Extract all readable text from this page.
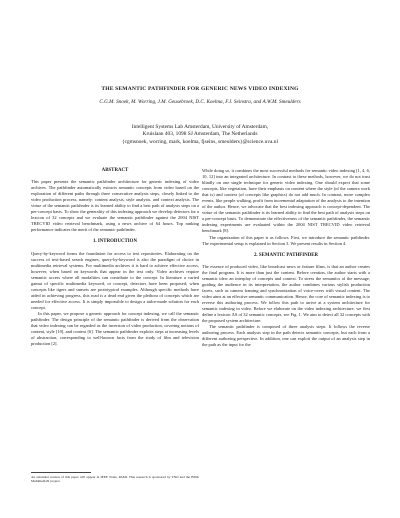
THE SEMANTIC PATHFINDER FOR GENERIC NEWS VIDEO INDEXING
C.G.M. Snoek, M. Worring, J.M. Geusebroek, D.C. Koelma, F.J. Seinstra, and A.W.M. Smeulders
Intelligent Systems Lab Amsterdam, University of Amsterdam,
Kruislaan 403, 1098 SJ Amsterdam, The Netherlands
{cgmsnoek, worring, mark, koelma, fjseins, smeulders}@science.uva.nl
ABSTRACT

This paper presents the semantic pathfinder architecture for generic indexing of video archives. The pathfinder automatically extracts semantic concepts from video based on the exploration of different paths through three consecutive analysis steps, closely linked to the video production process, namely: content analysis, style analysis, and context analysis. The virtue of the semantic pathfinder is its learned ability to find a best path of analysis steps on a per-concept basis. To show the generality of this indexing approach we develop detectors for a lexicon of 32 concepts and we evaluate the semantic pathfinder against the 2004 NIST TRECVID video retrieval benchmark, using a news archive of 64 hours. Top ranking performance indicates the merit of the semantic pathfinder.

1. INTRODUCTION

Query-by-keyword forms the foundation for access to text repositories. Elaborating on the success of text-based search engines, query-by-keyword is also the paradigm of choice in multimedia retrieval systems. For multimedia archives it is hard to achieve effective access, however, when based on keywords that appear in the text only. Video archives require semantic access where all modalities can contribute to the concept. In literature a varied gamut of specific multimedia keyword, or concept, detectors have been proposed; when concepts like tigers and sunsets are prototypical examples. Although specific methods have aided in achieving progress, this road is a dead end given the plethora of concepts which are needed for effective access. It is simply impossible to design a tailor-made solution for each concept.

In this paper, we propose a generic approach for concept indexing, we call the semantic pathfinder. The design principle of the semantic pathfinder is derived from the observation that video indexing can be regarded as the inversion of video production, covering notions of content, style [10], and context [6]. The semantic pathfinder exploits steps at increasing levels of abstraction, corresponding to well-known facts from the study of film and television production [2].

While doing so, it combines the most successful methods for semantic video indexing [1, 4, 6, 10, 12] into an integrated architecture. In contrast to these methods, however, we do not trust blindly on one single technique for generic video indexing. One should expect that some concepts, like vegetation, have their emphasis on content where the style (of the camera work that is) and context (of concepts like graphics) do not add much. In contrast, more complex events, like people walking, profit from incremental adaptation of the analysis to the intention of the author. Hence, we advocate that the best indexing approach is concept-dependent. The virtue of the semantic pathfinder is its learned ability to find the best path of analysis steps on a per-concept basis. To demonstrate the effectiveness of the semantic pathfinder, the semantic indexing experiments are evaluated within the 2004 NIST TRECVID video retrieval benchmark [8].

The organization of this paper is as follows. First, we introduce the semantic pathfinder. The experimental setup is explained in Section 3. We present results in Section 4.

2. SEMANTIC PATHFINDER

The essence of produced video, like broadcast news or feature films, is that an author creates the final program. It is more than just the content. Before creation, the author starts with a semantic idea: an interplay of concepts and context. To stress the semantics of the message, guiding the audience in its interpretation, the author combines various stylish production facets, such as camera framing and synchronization of voice-overs with visual content. The video aims at an effective semantic communication. Hence, the core of semantic indexing is to reverse this authoring process. We follow this path to arrive at a system architecture for semantic indexing in video. Before we elaborate on the video indexing architecture, we first define a lexicon ΛS of 32 semantic concepts, see Fig. 1. We aim to detect all 32 concepts with the proposed system architecture.

The semantic pathfinder is composed of three analysis steps. It follows the reverse authoring process. Each analysis step in the path detects semantic concepts, but each from a different authoring perspective. In addition, one can exploit the output of an analysis step in the path as the input for the

An extended version of this paper will appear in IEEE Trans. PAMI. This research is sponsored by TNO and the BSIK MultimediaN project.
